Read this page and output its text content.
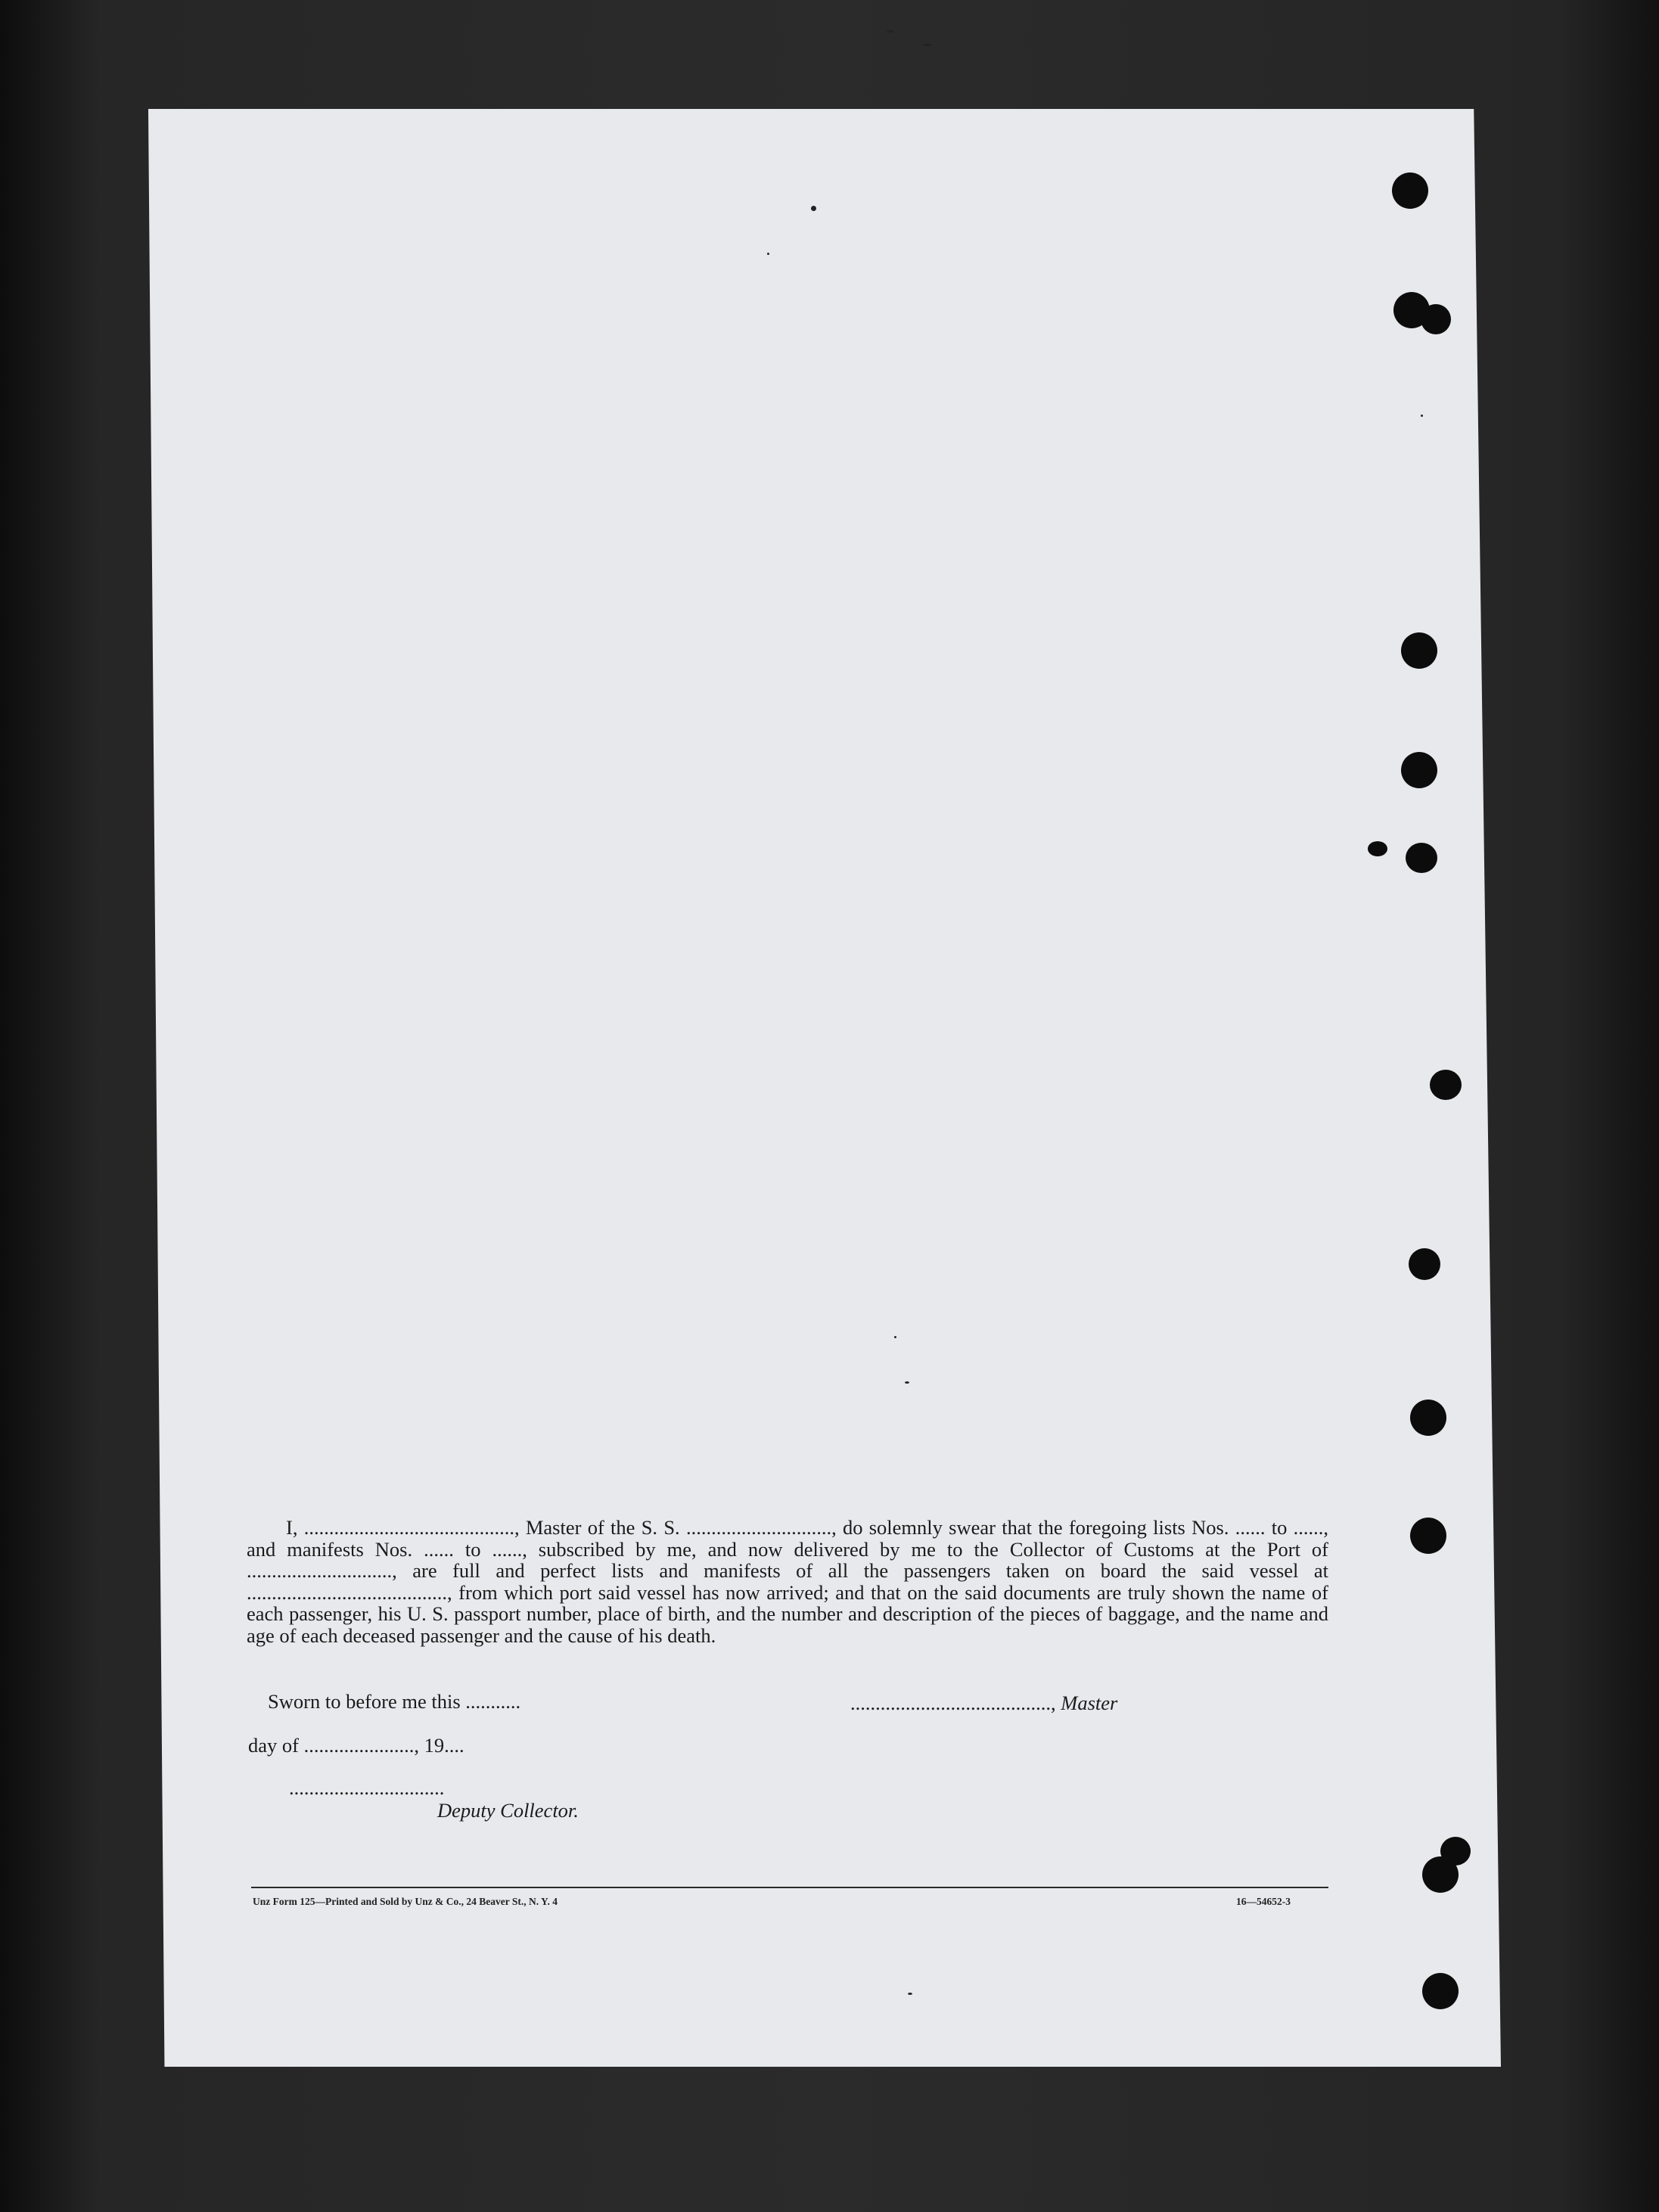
I, .........................................., Master of the S. S. ............................., do solemnly swear that the foregoing lists Nos. ...... to ......, and manifests Nos. ...... to ......, subscribed by me, and now delivered by me to the Collector of Customs at the Port of ............................., are full and perfect lists and manifests of all the passengers taken on board the said vessel at ........................................, from which port said vessel has now arrived; and that on the said documents are truly shown the name of each passenger, his U. S. passport number, place of birth, and the number and description of the pieces of baggage, and the name and age of each deceased passenger and the cause of his death.

Sworn to before me this ...........	........................................, Master

day of ......................, 19....

...............................

Deputy Collector.

Unz Form 125—Printed and Sold by Unz & Co., 24 Beaver St., N. Y. 4	16—54652-3
